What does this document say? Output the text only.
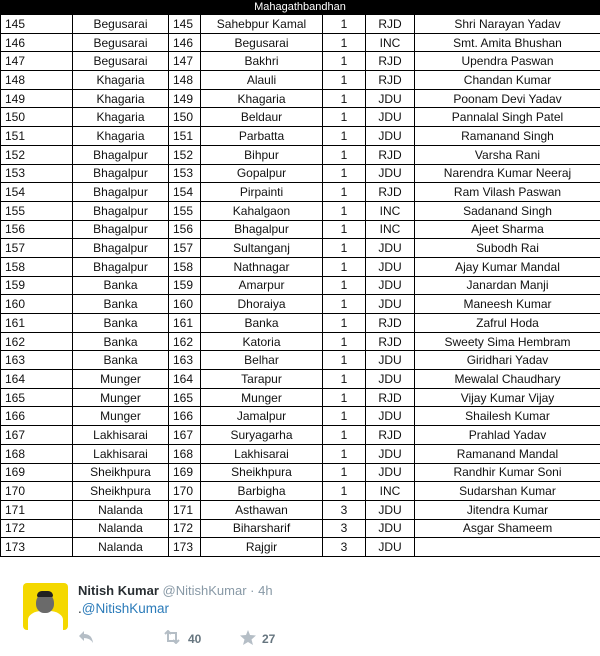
Mahagathbandhan
145	Begusarai	145	Sahebpur Kamal	1	RJD	Shri Narayan Yadav
146	Begusarai	146	Begusarai	1	INC	Smt. Amita Bhushan
147	Begusarai	147	Bakhri	1	RJD	Upendra Paswan
148	Khagaria	148	Alauli	1	RJD	Chandan Kumar
149	Khagaria	149	Khagaria	1	JDU	Poonam Devi Yadav
150	Khagaria	150	Beldaur	1	JDU	Pannalal Singh Patel
151	Khagaria	151	Parbatta	1	JDU	Ramanand Singh
152	Bhagalpur	152	Bihpur	1	RJD	Varsha Rani
153	Bhagalpur	153	Gopalpur	1	JDU	Narendra Kumar Neeraj
154	Bhagalpur	154	Pirpainti	1	RJD	Ram Vilash Paswan
155	Bhagalpur	155	Kahalgaon	1	INC	Sadanand Singh
156	Bhagalpur	156	Bhagalpur	1	INC	Ajeet Sharma
157	Bhagalpur	157	Sultanganj	1	JDU	Subodh Rai
158	Bhagalpur	158	Nathnagar	1	JDU	Ajay Kumar Mandal
159	Banka	159	Amarpur	1	JDU	Janardan Manji
160	Banka	160	Dhoraiya	1	JDU	Maneesh Kumar
161	Banka	161	Banka	1	RJD	Zafrul Hoda
162	Banka	162	Katoria	1	RJD	Sweety Sima Hembram
163	Banka	163	Belhar	1	JDU	Giridhari Yadav
164	Munger	164	Tarapur	1	JDU	Mewalal Chaudhary
165	Munger	165	Munger	1	RJD	Vijay Kumar Vijay
166	Munger	166	Jamalpur	1	JDU	Shailesh Kumar
167	Lakhisarai	167	Suryagarha	1	RJD	Prahlad Yadav
168	Lakhisarai	168	Lakhisarai	1	JDU	Ramanand Mandal
169	Sheikhpura	169	Sheikhpura	1	JDU	Randhir Kumar Soni
170	Sheikhpura	170	Barbigha	1	INC	Sudarshan Kumar
171	Nalanda	171	Asthawan	3	JDU	Jitendra Kumar
172	Nalanda	172	Biharsharif	3	JDU	Asgar Shameem
173	Nalanda	173	Rajgir	3	JDU	
Nitish Kumar @NitishKumar · 4h
.@NitishKumar
40	27
